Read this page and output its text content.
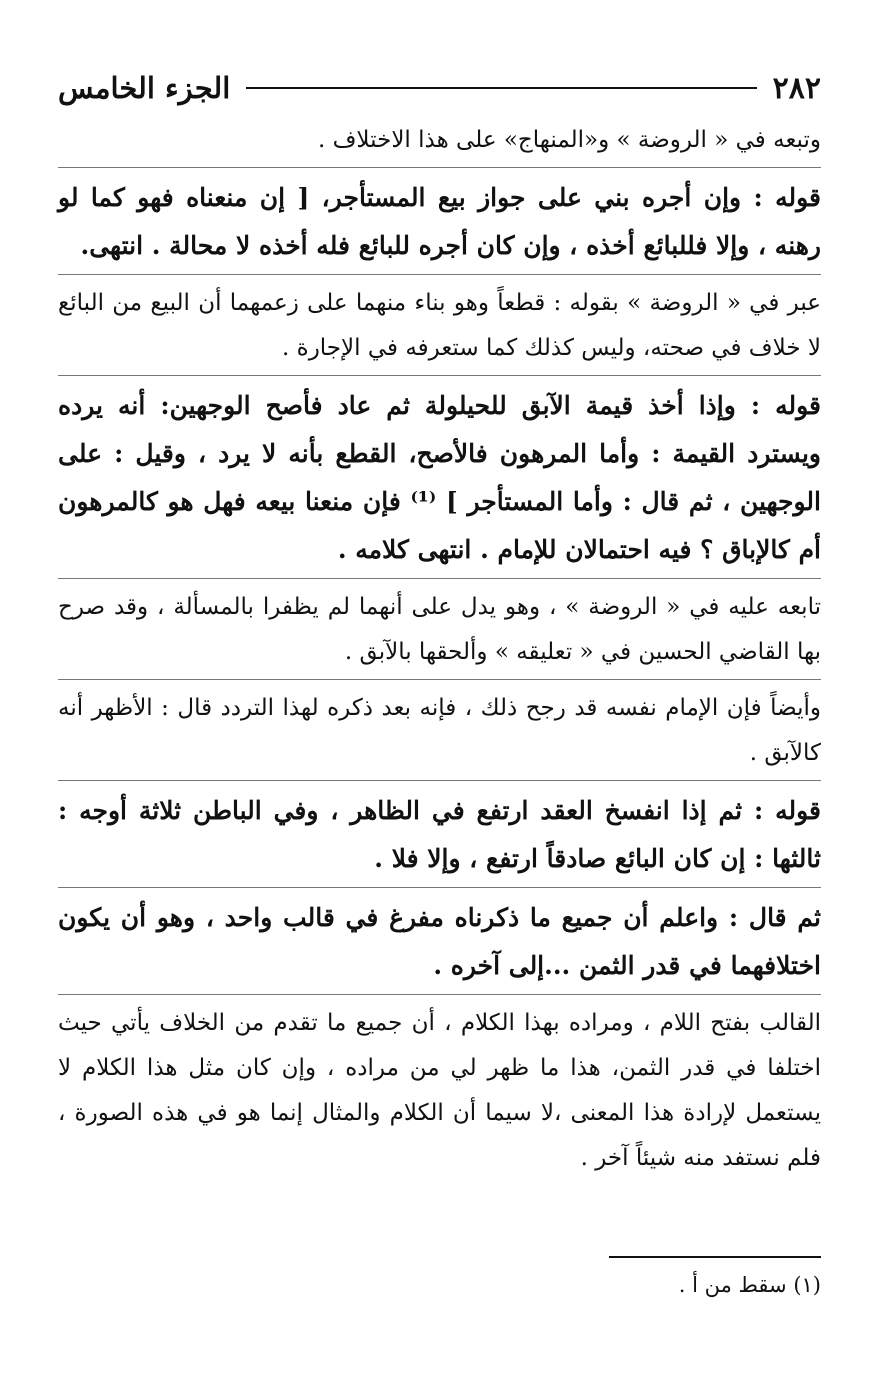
٢٨٢
الجزء الخامس

وتبعه في « الروضة » و«المنهاج» على هذا الاختلاف .

قوله : وإن أجره بني على جواز بيع المستأجر، [ إن منعناه فهو كما لو رهنه ، وإلا فللبائع أخذه ، وإن كان أجره للبائع فله أخذه لا محالة . انتهى.

عبر في « الروضة » بقوله : قطعاً وهو بناء منهما على زعمهما أن البيع من البائع لا خلاف في صحته، وليس كذلك كما ستعرفه في الإجارة .

قوله : وإذا أخذ قيمة الآبق للحيلولة ثم عاد فأصح الوجهين: أنه يرده ويسترد القيمة : وأما المرهون فالأصح، القطع بأنه لا يرد ، وقيل : على الوجهين ، ثم قال : وأما المستأجر ] ⁽¹⁾ فإن منعنا بيعه فهل هو كالمرهون أم كالإباق ؟ فيه احتمالان للإمام . انتهى كلامه .

تابعه عليه في « الروضة » ، وهو يدل على أنهما لم يظفرا بالمسألة ، وقد صرح بها القاضي الحسين في « تعليقه » وألحقها بالآبق .

وأيضاً فإن الإمام نفسه قد رجح ذلك ، فإنه بعد ذكره لهذا التردد قال : الأظهر أنه كالآبق .

قوله : ثم إذا انفسخ العقد ارتفع في الظاهر ، وفي الباطن ثلاثة أوجه : ثالثها : إن كان البائع صادقاً ارتفع ، وإلا فلا .

ثم قال : واعلم أن جميع ما ذكرناه مفرغ في قالب واحد ، وهو أن يكون اختلافهما في قدر الثمن ...إلى آخره .

القالب بفتح اللام ، ومراده بهذا الكلام ، أن جميع ما تقدم من الخلاف يأتي حيث اختلفا في قدر الثمن، هذا ما ظهر لي من مراده ، وإن كان مثل هذا الكلام لا يستعمل لإرادة هذا المعنى ،لا سيما أن الكلام والمثال إنما هو في هذه الصورة ، فلم نستفد منه شيئاً آخر .

(١) سقط من أ .
